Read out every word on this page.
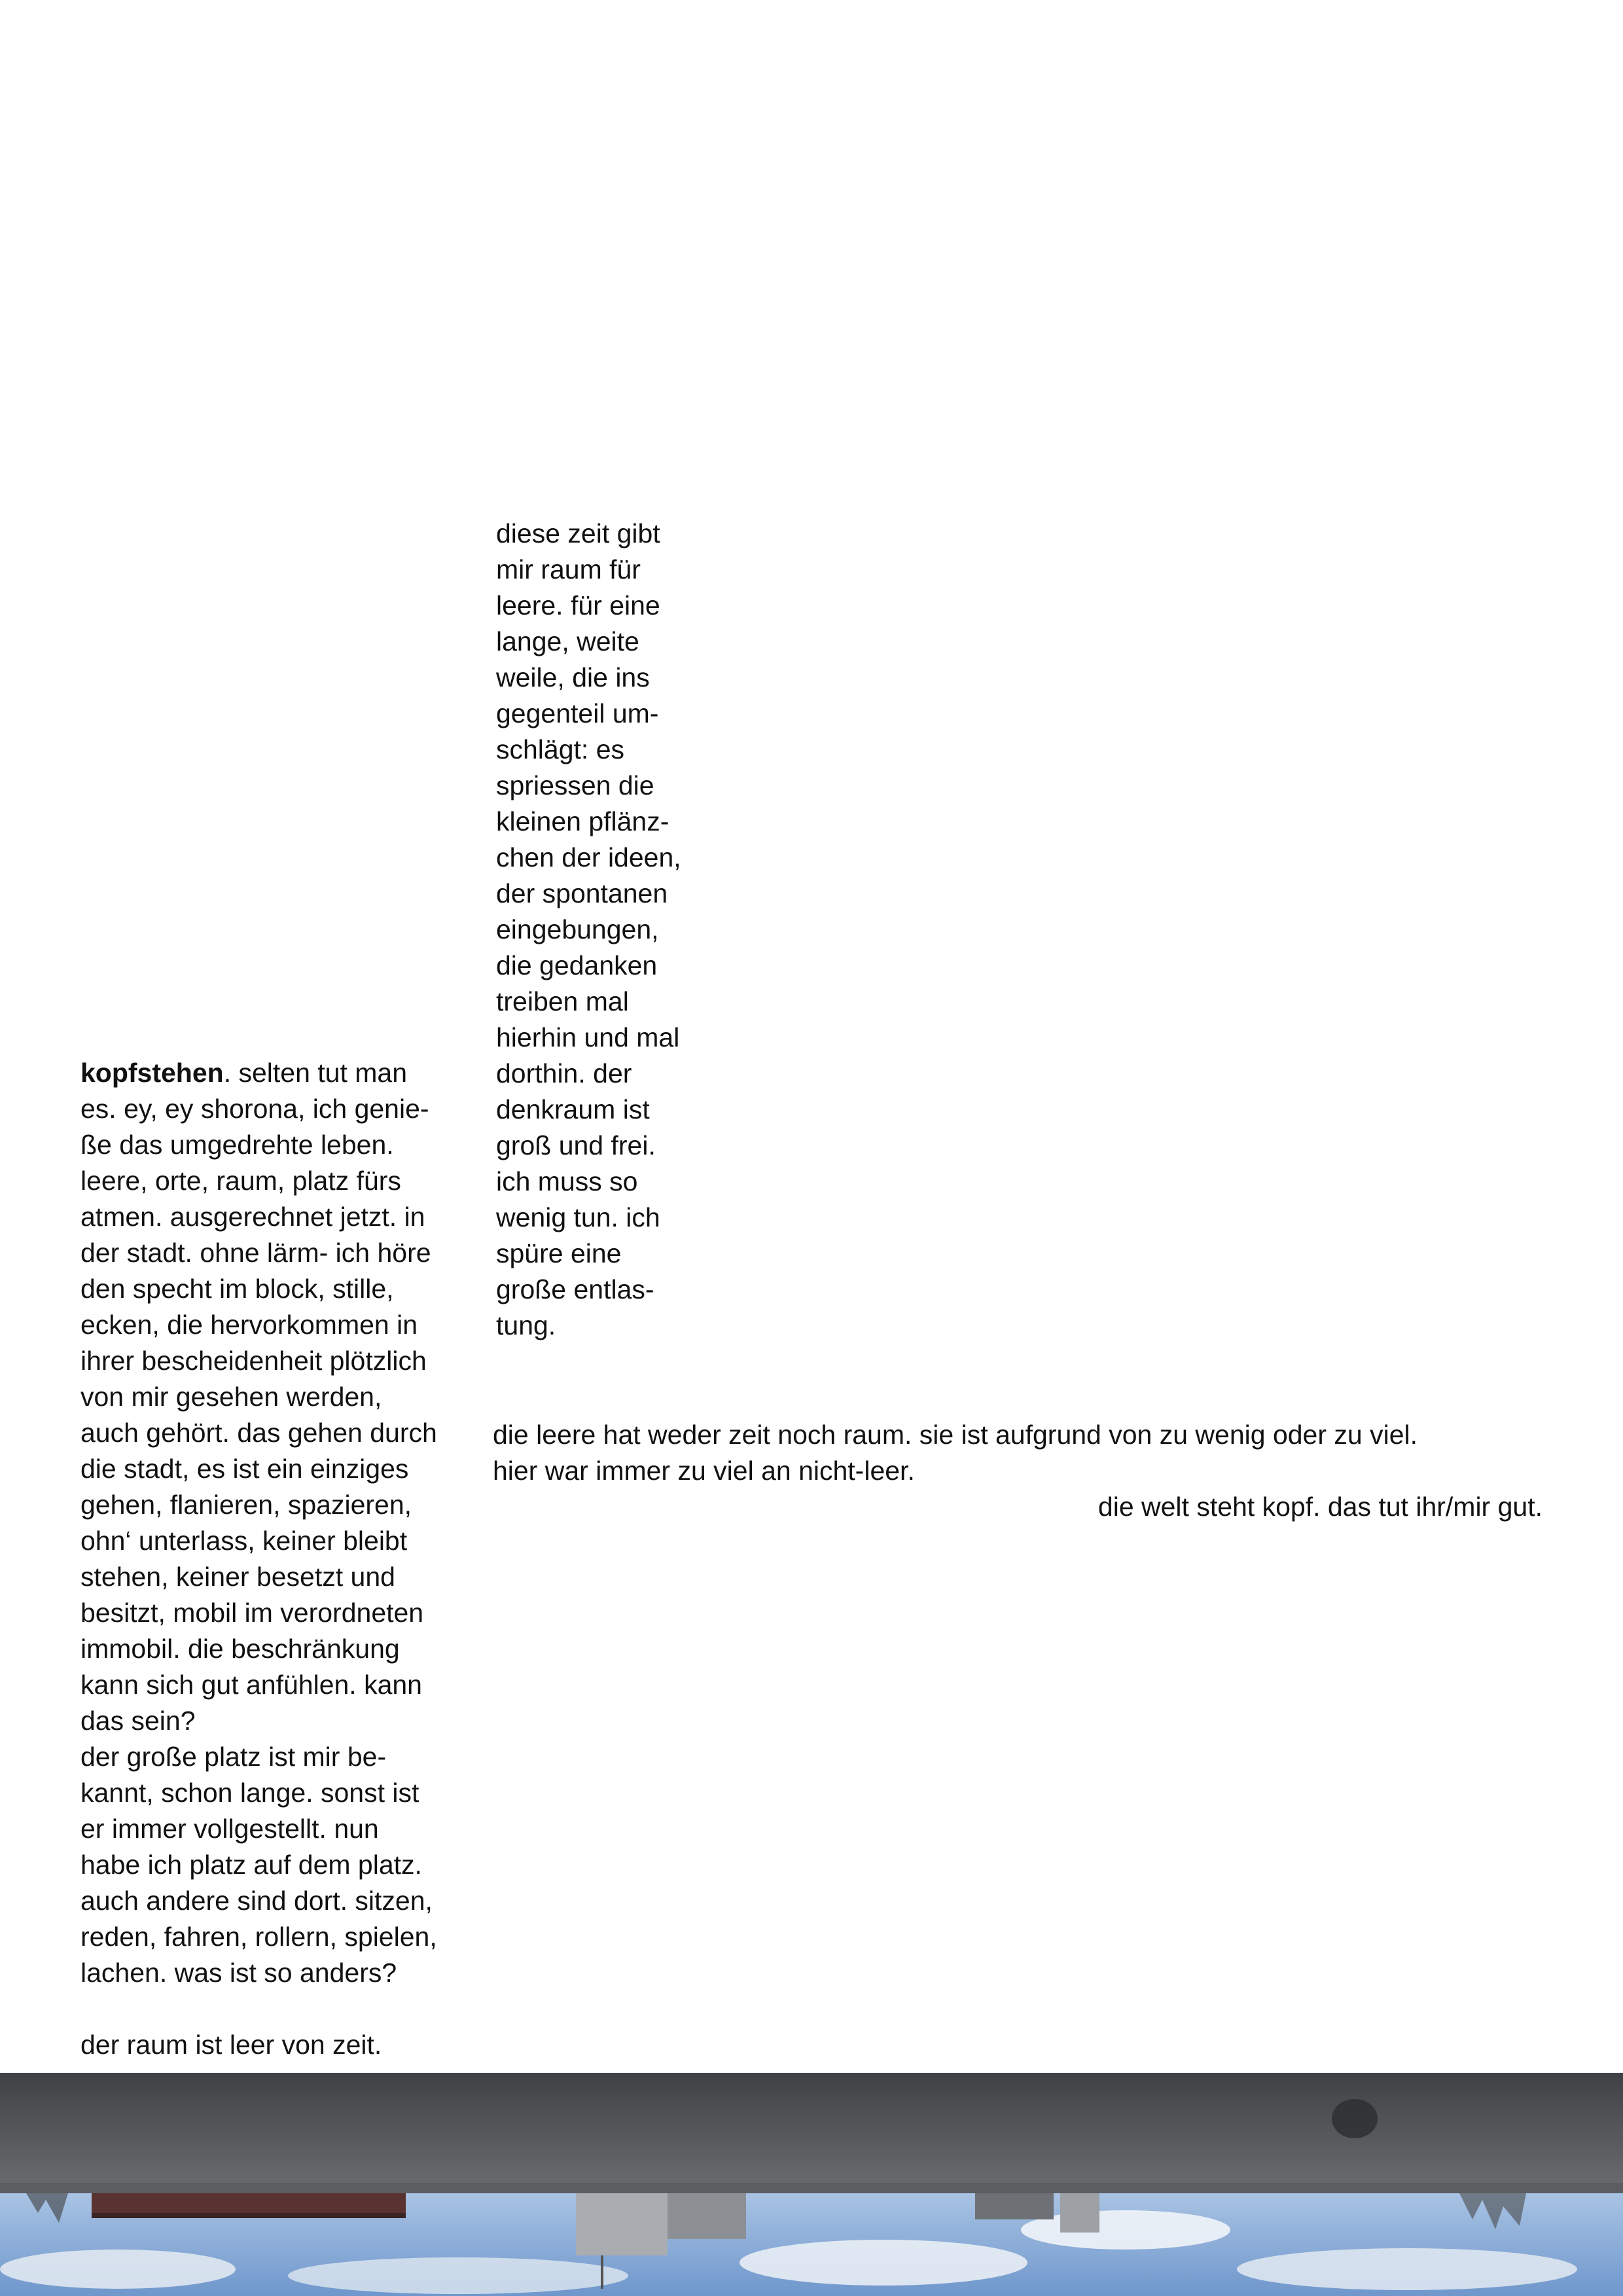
diese zeit gibt
mir raum für
leere. für eine
lange, weite
weile, die ins
gegenteil um-
schlägt: es
spriessen die
kleinen pflänz-
chen der ideen,
der spontanen
eingebungen,
die gedanken
treiben mal
hierhin und mal
dorthin. der
denkraum ist
groß und frei.
ich muss so
wenig tun. ich
spüre eine
große entlas-
tung.
kopfstehen. selten tut man
es. ey, ey shorona, ich genie-
ße das umgedrehte leben.
leere, orte, raum, platz fürs
atmen. ausgerechnet jetzt. in
der stadt. ohne lärm- ich höre
den specht im block, stille,
ecken, die hervorkommen in
ihrer bescheidenheit plötzlich
von mir gesehen werden,
auch gehört. das gehen durch
die stadt, es ist ein einziges
gehen, flanieren, spazieren,
ohn‘ unterlass, keiner bleibt
stehen, keiner besetzt und
besitzt, mobil im verordneten
immobil. die beschränkung
kann sich gut anfühlen. kann
das sein?
der große platz ist mir be-
kannt, schon lange. sonst ist
er immer vollgestellt. nun
habe ich platz auf dem platz.
auch andere sind dort. sitzen,
reden, fahren, rollern, spielen,
lachen. was ist so anders?

der raum ist leer von zeit.
die leere hat weder zeit noch raum. sie ist aufgrund von zu wenig oder zu viel.
hier war immer zu viel an nicht-leer.
die welt steht kopf. das tut ihr/mir gut.
